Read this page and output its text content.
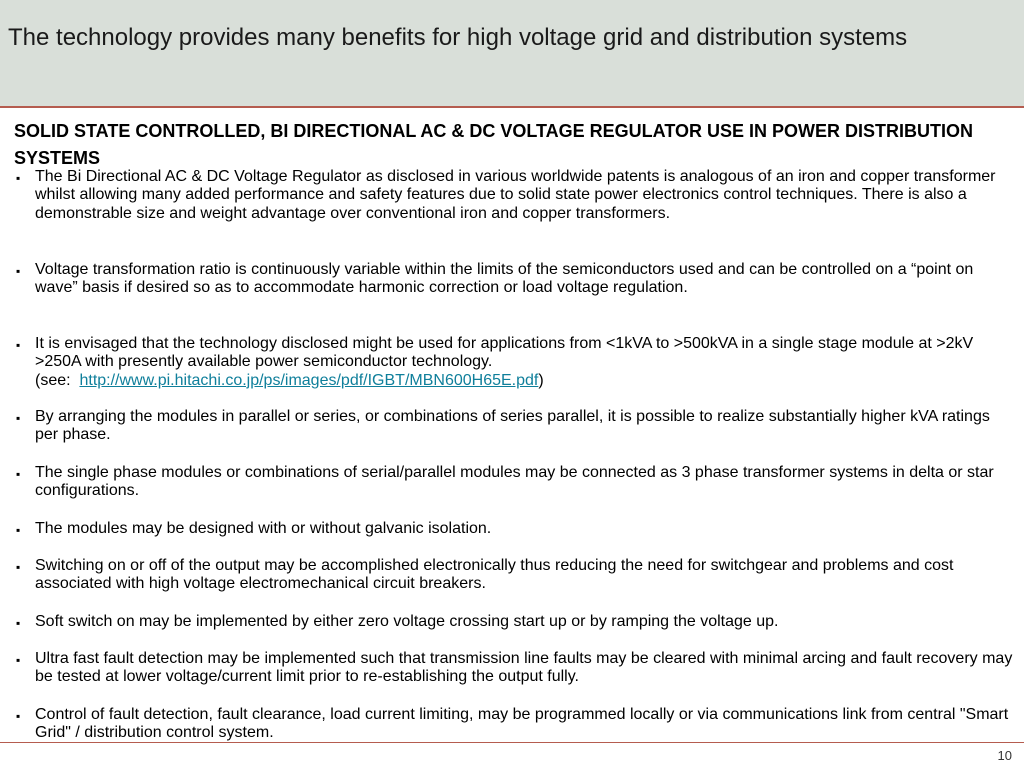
The technology provides many benefits for high voltage grid and distribution systems
SOLID STATE CONTROLLED, BI DIRECTIONAL AC & DC VOLTAGE REGULATOR USE IN POWER DISTRIBUTION SYSTEMS
▪ The Bi Directional AC & DC Voltage Regulator as disclosed in various worldwide patents is analogous of an iron and copper transformer whilst allowing many added performance and safety features due to solid state power electronics control techniques. There is also a demonstrable size and weight advantage over conventional iron and copper transformers.
▪ Voltage transformation ratio is continuously variable within the limits of the semiconductors used and can be controlled on a “point on wave” basis if desired so as to accommodate harmonic correction or load voltage regulation.
▪ It is envisaged that the technology disclosed might be used for applications from <1kVA to >500kVA in a single stage module at >2kV >250A with presently available power semiconductor technology.
(see: http://www.pi.hitachi.co.jp/ps/images/pdf/IGBT/MBN600H65E.pdf)
▪ By arranging the modules in parallel or series, or combinations of series parallel, it is possible to realize substantially higher kVA ratings per phase.
▪ The single phase modules or combinations of serial/parallel modules may be connected as 3 phase transformer systems in delta or star configurations.
▪ The modules may be designed with or without galvanic isolation.
▪ Switching on or off of the output may be accomplished electronically thus reducing the need for switchgear and problems and cost associated with high voltage electromechanical circuit breakers.
▪ Soft switch on may be implemented by either zero voltage crossing start up or by ramping the voltage up.
▪ Ultra fast fault detection may be implemented such that transmission line faults may be cleared with minimal arcing and fault recovery may be tested at lower voltage/current limit prior to re-establishing the output fully.
▪ Control of fault detection, fault clearance, load current limiting, may be programmed locally or via communications link from central "Smart Grid" / distribution control system.
10
